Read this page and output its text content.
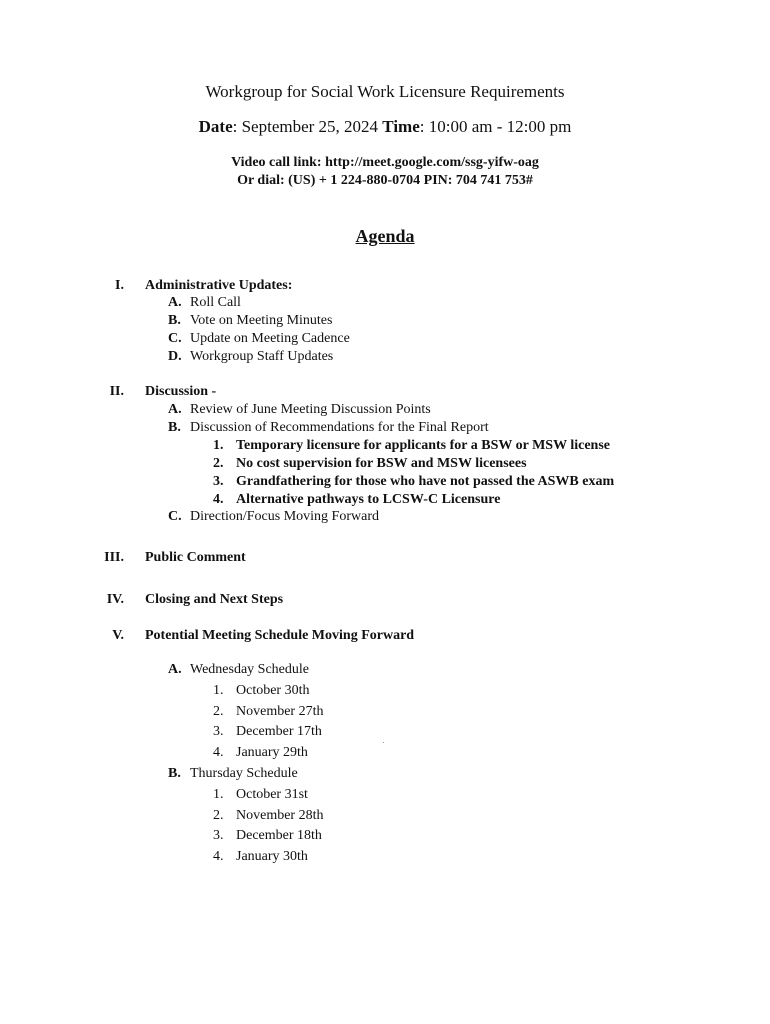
Workgroup for Social Work Licensure Requirements
Date: September 25, 2024 Time: 10:00 am - 12:00 pm
Video call link: http://meet.google.com/ssg-yifw-oag
Or dial: (US) + 1 224-880-0704 PIN: 704 741 753#
Agenda
I. Administrative Updates:
A. Roll Call
B. Vote on Meeting Minutes
C. Update on Meeting Cadence
D. Workgroup Staff Updates
II. Discussion -
A. Review of June Meeting Discussion Points
B. Discussion of Recommendations for the Final Report
1. Temporary licensure for applicants for a BSW or MSW license
2. No cost supervision for BSW and MSW licensees
3. Grandfathering for those who have not passed the ASWB exam
4. Alternative pathways to LCSW-C Licensure
C. Direction/Focus Moving Forward
III. Public Comment
IV. Closing and Next Steps
V. Potential Meeting Schedule Moving Forward
A. Wednesday Schedule
1. October 30th
2. November 27th
3. December 17th
4. January 29th
B. Thursday Schedule
1. October 31st
2. November 28th
3. December 18th
4. January 30th
